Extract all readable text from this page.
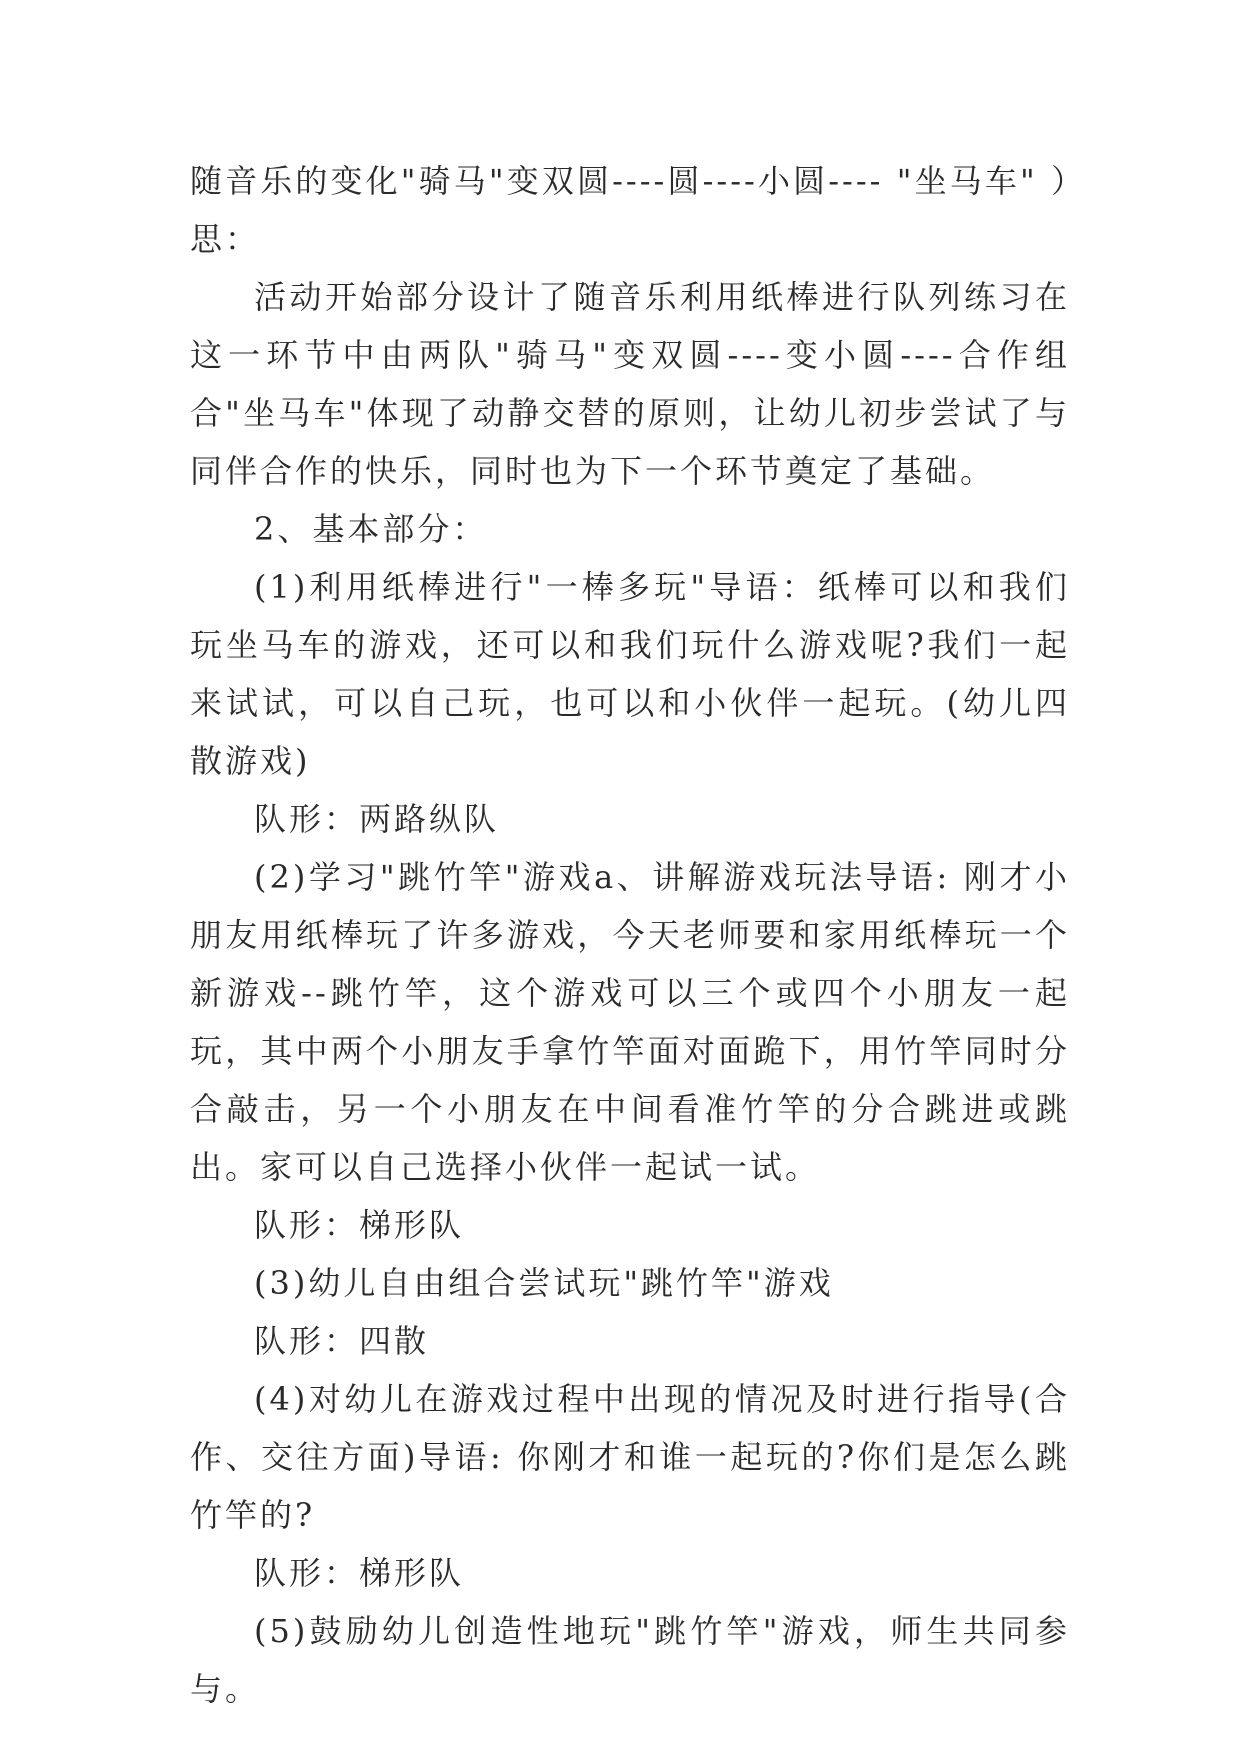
随音乐的变化"骑马"变双圆----圆----小圆---- "坐马车" ）思：

活动开始部分设计了随音乐利用纸棒进行队列练习在这一环节中由两队"骑马"变双圆----变小圆----合作组合"坐马车"体现了动静交替的原则，让幼儿初步尝试了与同伴合作的快乐，同时也为下一个环节奠定了基础。

2、基本部分：

(1)利用纸棒进行"一棒多玩"导语：纸棒可以和我们玩坐马车的游戏，还可以和我们玩什么游戏呢?我们一起来试试，可以自己玩，也可以和小伙伴一起玩。(幼儿四散游戏)

队形：两路纵队

(2)学习"跳竹竿"游戏a、讲解游戏玩法导语: 刚才小朋友用纸棒玩了许多游戏，今天老师要和家用纸棒玩一个新游戏--跳竹竿，这个游戏可以三个或四个小朋友一起玩，其中两个小朋友手拿竹竿面对面跪下，用竹竿同时分合敲击，另一个小朋友在中间看准竹竿的分合跳进或跳出。家可以自己选择小伙伴一起试一试。

队形：梯形队

(3)幼儿自由组合尝试玩"跳竹竿"游戏

队形：四散

(4)对幼儿在游戏过程中出现的情况及时进行指导(合作、交往方面)导语: 你刚才和谁一起玩的?你们是怎么跳竹竿的?

队形：梯形队

(5)鼓励幼儿创造性地玩"跳竹竿"游戏，师生共同参与。
